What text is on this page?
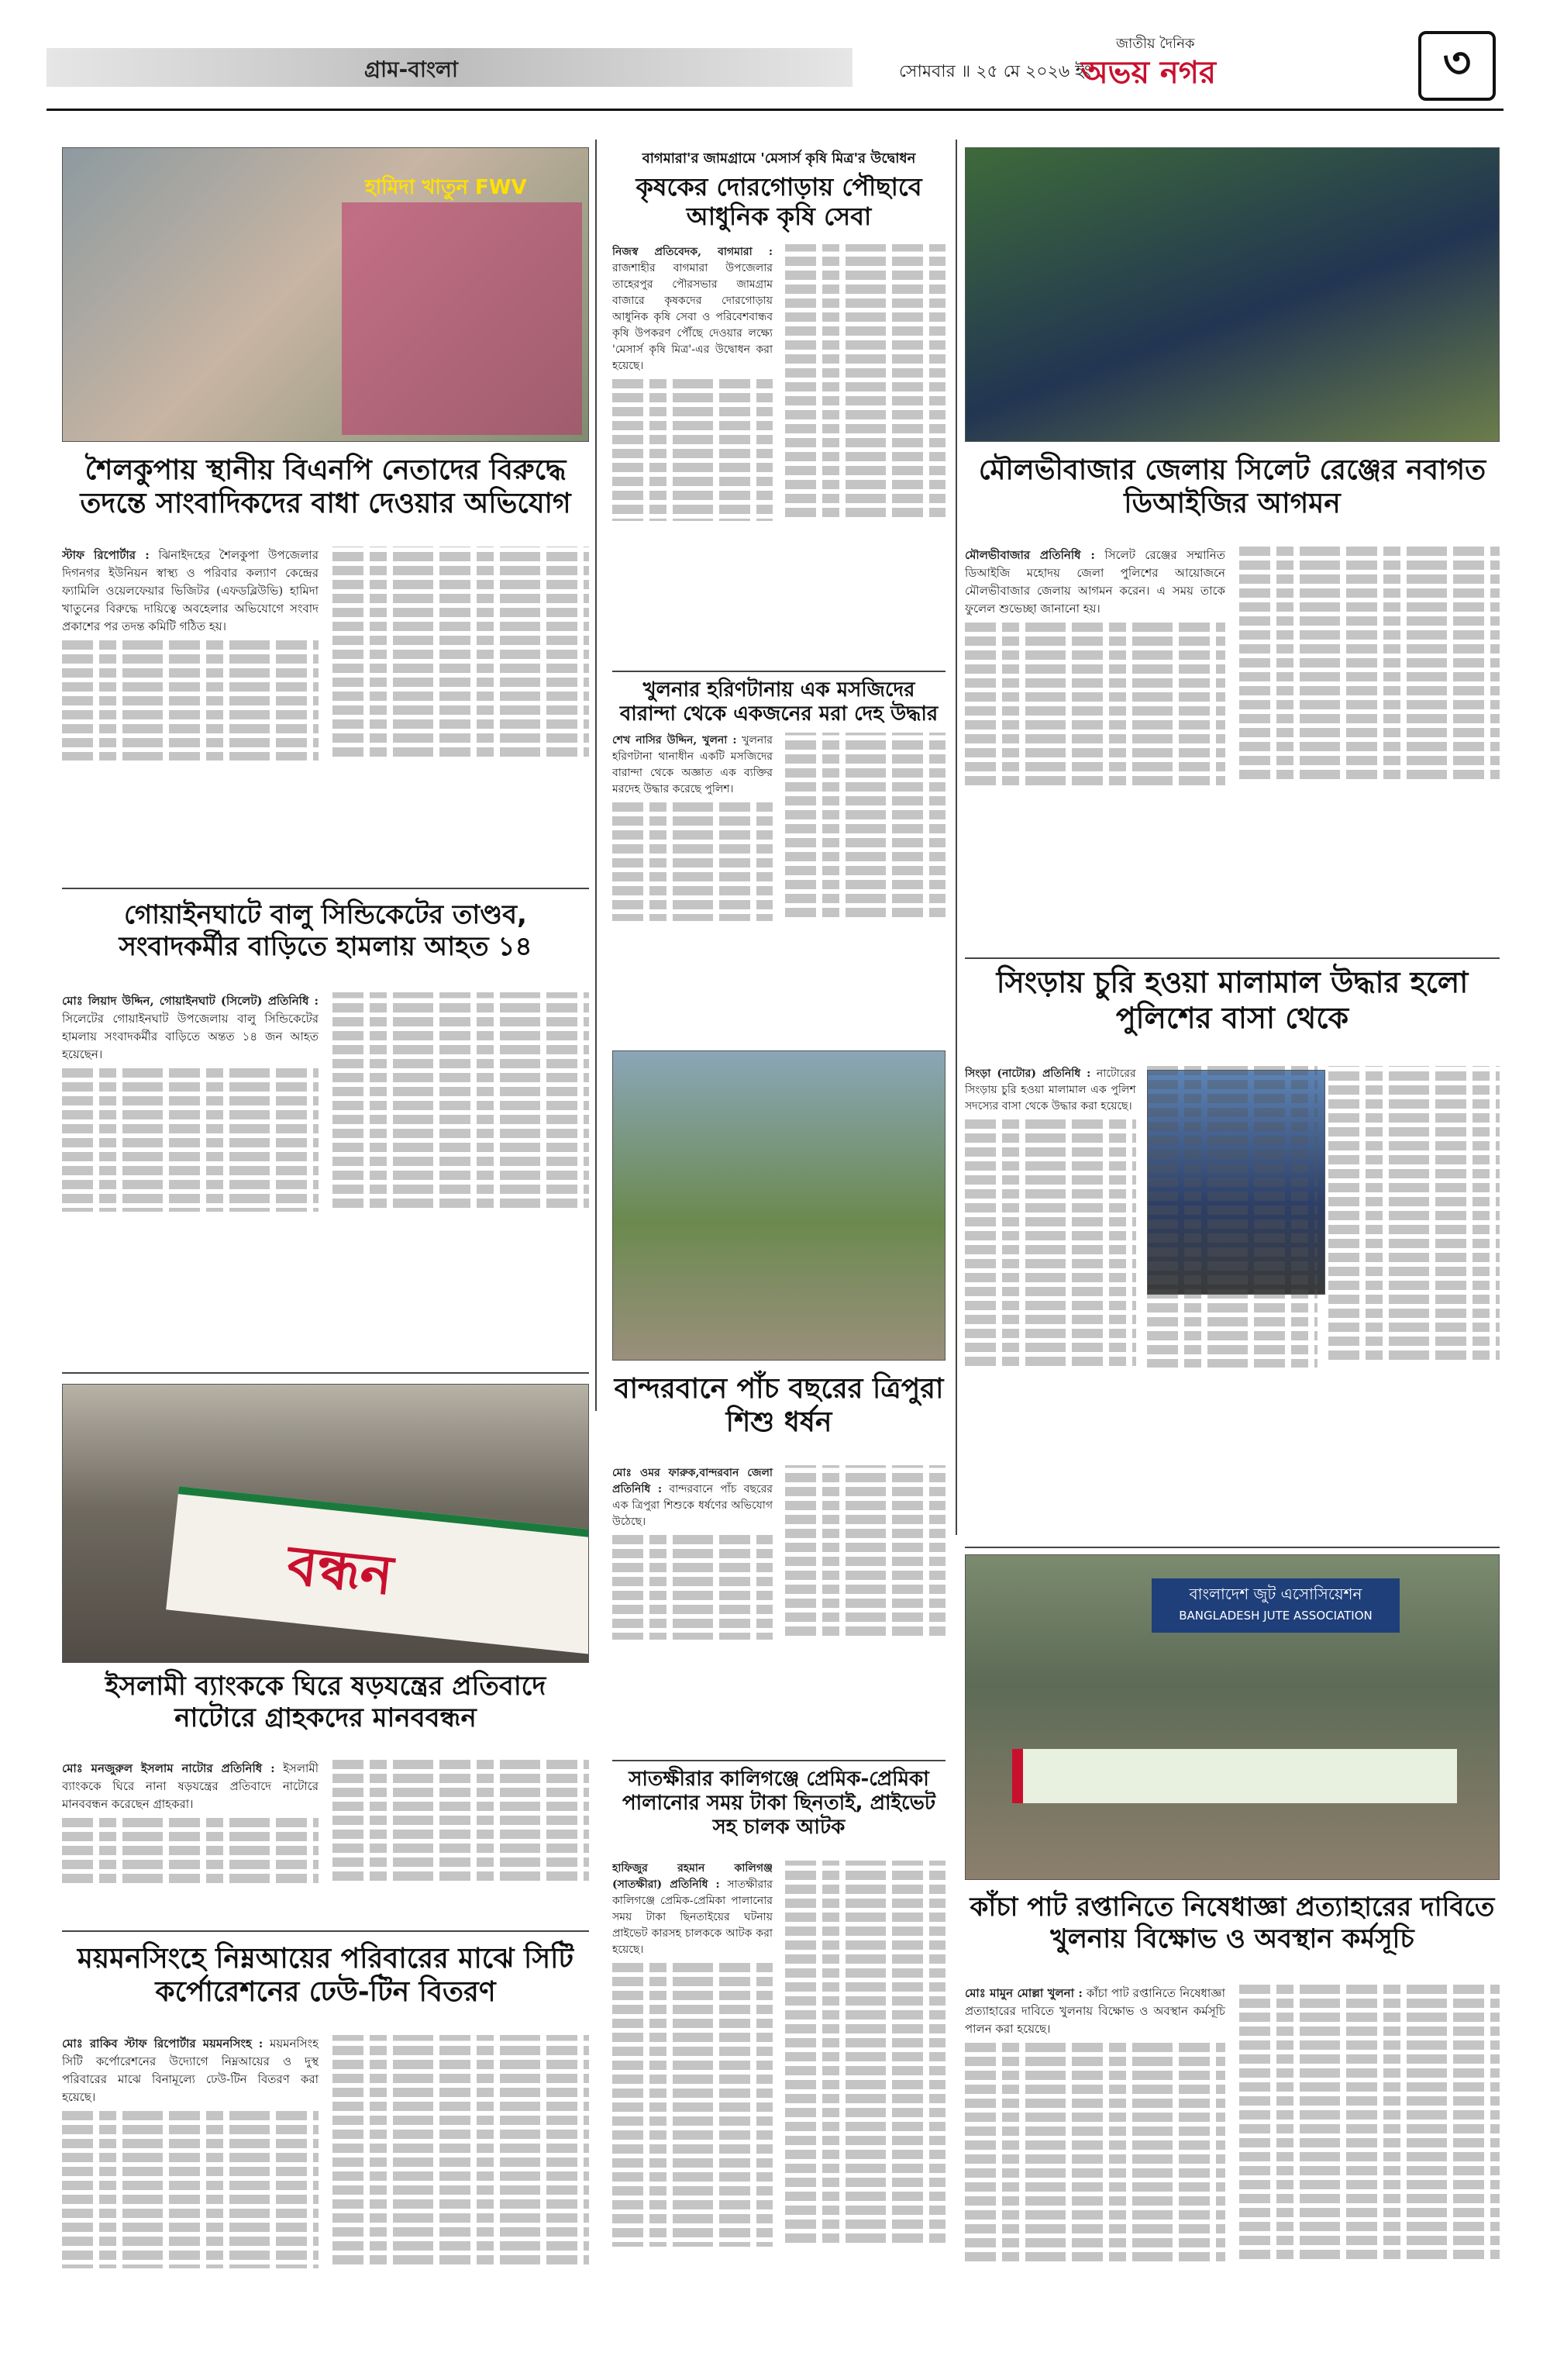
গ্রাম-বাংলা	সোমবার ॥ ২৫ মে ২০২৬ ইং
জাতীয় দৈনিক
অভয় নগর	৩
হামিদা খাতুন FWV
শৈলকুপায় স্থানীয় বিএনপি নেতাদের বিরুদ্ধে তদন্তে সাংবাদিকদের বাধা দেওয়ার অভিযোগ

স্টাফ রিপোর্টার : ঝিনাইদহের শৈলকুপা উপজেলার দিগনগর ইউনিয়ন স্বাস্থ্য ও পরিবার কল্যাণ কেন্দ্রের ফ্যামিলি ওয়েলফেয়ার ভিজিটর (এফডব্লিউভি) হামিদা খাতুনের বিরুদ্ধে দায়িত্বে অবহেলার অভিযোগে সংবাদ প্রকাশের পর তদন্ত কমিটি গঠিত হয়।

বাগমারা'র জামগ্রামে 'মেসার্স কৃষি মিত্র'র উদ্বোধন
কৃষকের দোরগোড়ায় পৌছাবে আধুনিক কৃষি সেবা

নিজস্ব প্রতিবেদক, বাগমারা : রাজশাহীর বাগমারা উপজেলার তাহেরপুর পৌরসভার জামগ্রাম বাজারে কৃষকদের দোরগোড়ায় আধুনিক কৃষি সেবা ও পরিবেশবান্ধব কৃষি উপকরণ পৌঁছে দেওয়ার লক্ষ্যে 'মেসার্স কৃষি মিত্র'-এর উদ্বোধন করা হয়েছে।

খুলনার হরিণটানায় এক মসজিদের বারান্দা থেকে একজনের মরা দেহ উদ্ধার

শেখ নাসির উদ্দিন, খুলনা : খুলনার হরিণটানা থানাধীন একটি মসজিদের বারান্দা থেকে অজ্ঞাত এক ব্যক্তির মরদেহ উদ্ধার করেছে পুলিশ।

মৌলভীবাজার জেলায় সিলেট রেঞ্জের নবাগত ডিআইজির আগমন

মৌলভীবাজার প্রতিনিধি : সিলেট রেঞ্জের সম্মানিত ডিআইজি মহোদয় জেলা পুলিশের আয়োজনে মৌলভীবাজার জেলায় আগমন করেন। এ সময় তাকে ফুলেল শুভেচ্ছা জানানো হয়।

গোয়াইনঘাটে বালু সিন্ডিকেটের তাণ্ডব, সংবাদকর্মীর বাড়িতে হামলায় আহত ১৪

মোঃ লিয়াদ উদ্দিন, গোয়াইনঘাট (সিলেট) প্রতিনিধি : সিলেটের গোয়াইনঘাট উপজেলায় বালু সিন্ডিকেটের হামলায় সংবাদকর্মীর বাড়িতে অন্তত ১৪ জন আহত হয়েছেন।

বান্দরবানে পাঁচ বছরের ত্রিপুরা শিশু ধর্ষন

মোঃ ওমর ফারুক,বান্দরবান জেলা প্রতিনিধি : বান্দরবানে পাঁচ বছরের এক ত্রিপুরা শিশুকে ধর্ষণের অভিযোগ উঠেছে।

সিংড়ায় চুরি হওয়া মালামাল উদ্ধার হলো পুলিশের বাসা থেকে

সিংড়া (নাটোর) প্রতিনিধি : নাটোরের সিংড়ায় চুরি হওয়া মালামাল এক পুলিশ সদস্যের বাসা থেকে উদ্ধার করা হয়েছে।

বন্ধন
ইসলামী ব্যাংককে ঘিরে ষড়যন্ত্রের প্রতিবাদে নাটোরে গ্রাহকদের মানববন্ধন

মোঃ মনজুরুল ইসলাম নাটোর প্রতিনিধি : ইসলামী ব্যাংককে ঘিরে নানা ষড়যন্ত্রের প্রতিবাদে নাটোরে মানববন্ধন করেছেন গ্রাহকরা।

সাতক্ষীরার কালিগঞ্জে প্রেমিক-প্রেমিকা পালানোর সময় টাকা ছিনতাই, প্রাইভেট সহ চালক আটক

হাফিজুর রহমান কালিগঞ্জ (সাতক্ষীরা) প্রতিনিধি : সাতক্ষীরার কালিগঞ্জে প্রেমিক-প্রেমিকা পালানোর সময় টাকা ছিনতাইয়ের ঘটনায় প্রাইভেট কারসহ চালককে আটক করা হয়েছে।

বাংলাদেশ জুট এসোসিয়েশন
BANGLADESH JUTE ASSOCIATION
কাঁচা পাট রপ্তানিতে নিষেধাজ্ঞা প্রত্যাহারের দাবিতে খুলনায় বিক্ষোভ ও অবস্থান কর্মসূচি

মোঃ মামুন মোল্লা খুলনা : কাঁচা পাট রপ্তানিতে নিষেধাজ্ঞা প্রত্যাহারের দাবিতে খুলনায় বিক্ষোভ ও অবস্থান কর্মসূচি পালন করা হয়েছে।

ময়মনসিংহে নিম্নআয়ের পরিবারের মাঝে সিটি কর্পোরেশনের ঢেউ-টিন বিতরণ

মোঃ রাকিব স্টাফ রিপোর্টার ময়মনসিংহ : ময়মনসিংহ সিটি কর্পোরেশনের উদ্যোগে নিম্নআয়ের ও দুস্থ পরিবারের মাঝে বিনামূল্যে ঢেউ-টিন বিতরণ করা হয়েছে।
